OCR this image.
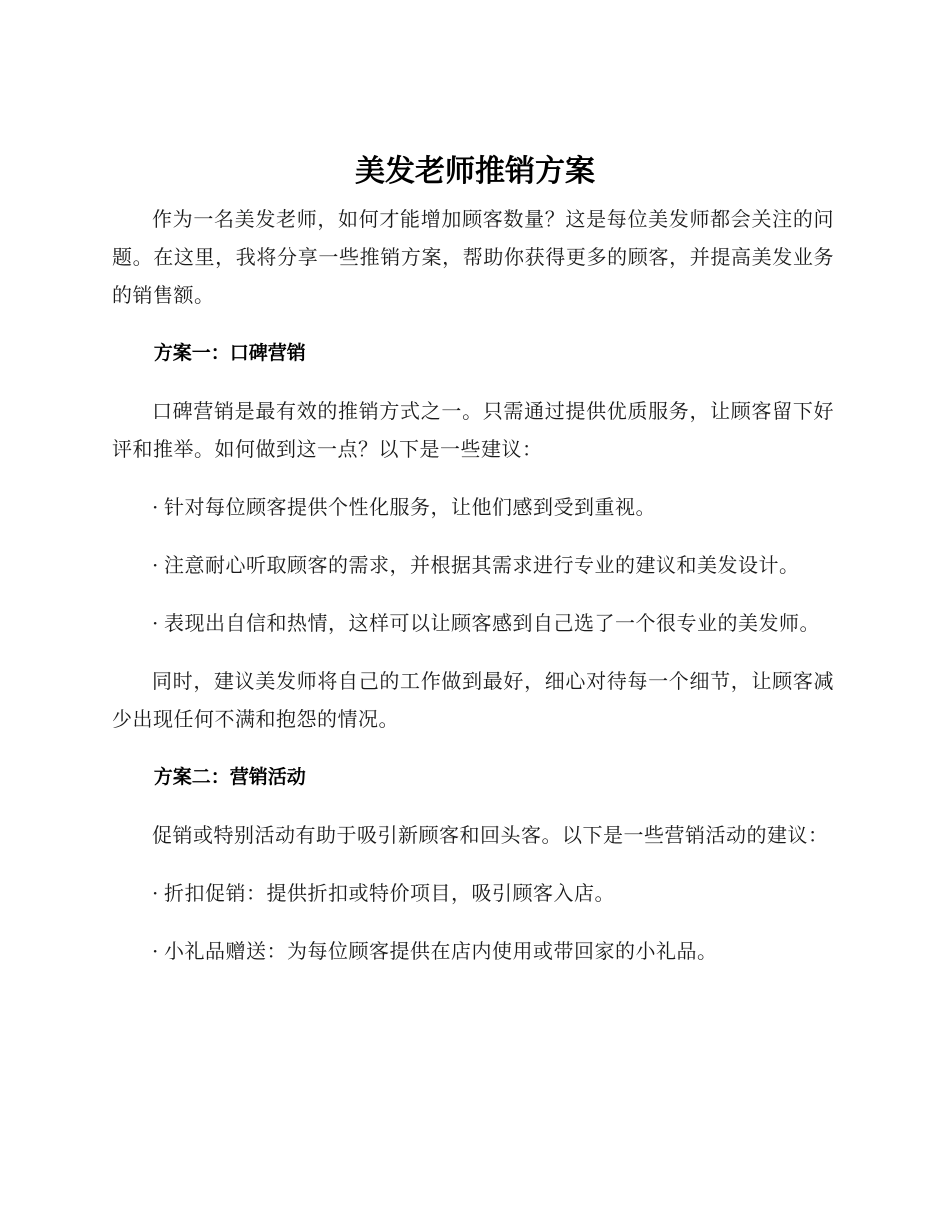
美发老师推销方案

作为一名美发老师，如何才能增加顾客数量？这是每位美发师都会关注的问题。在这里，我将分享一些推销方案，帮助你获得更多的顾客，并提高美发业务的销售额。

方案一：口碑营销

口碑营销是最有效的推销方式之一。只需通过提供优质服务，让顾客留下好评和推举。如何做到这一点？以下是一些建议：

· 针对每位顾客提供个性化服务，让他们感到受到重视。

· 注意耐心听取顾客的需求，并根据其需求进行专业的建议和美发设计。

· 表现出自信和热情，这样可以让顾客感到自己选了一个很专业的美发师。

同时，建议美发师将自己的工作做到最好，细心对待每一个细节，让顾客减少出现任何不满和抱怨的情况。

方案二：营销活动

促销或特别活动有助于吸引新顾客和回头客。以下是一些营销活动的建议：

· 折扣促销：提供折扣或特价项目，吸引顾客入店。

· 小礼品赠送：为每位顾客提供在店内使用或带回家的小礼品。
